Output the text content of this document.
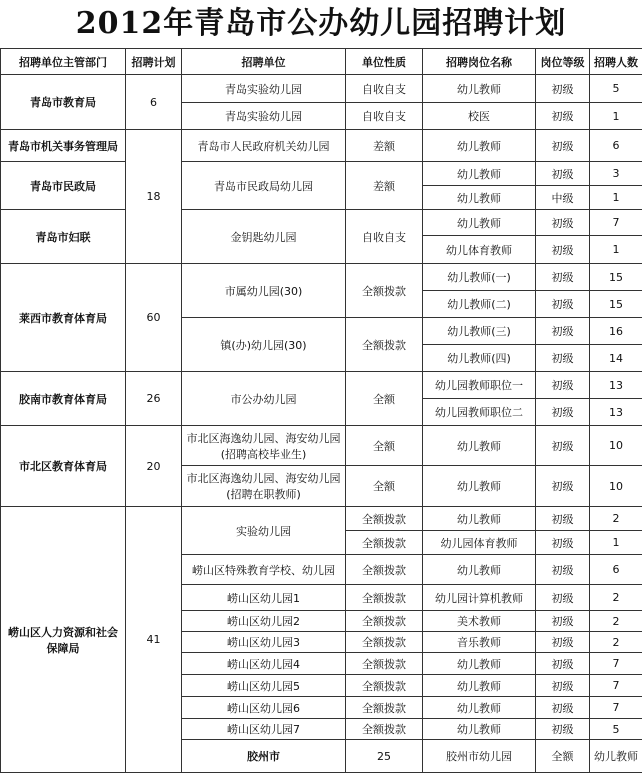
2012年青岛市公办幼儿园招聘计划
招聘单位主管部门	招聘计划	招聘单位	单位性质	招聘岗位名称	岗位等级	招聘人数	
青岛市教育局	6	青岛实验幼儿园	自收自支	幼儿教师	初级	5	
		青岛实验幼儿园	自收自支	校医	初级	1	
青岛市机关事务管理局	18	青岛市人民政府机关幼儿园	差额	幼儿教师	初级	6	
青岛市民政局		青岛市民政局幼儿园	差额	幼儿教师	初级	3	
				幼儿教师	中级	1	
青岛市妇联		金钥匙幼儿园	自收自支	幼儿教师	初级	7	
				幼儿体育教师	初级	1	
莱西市教育体育局	60	市属幼儿园(30)	全额拨款	幼儿教师(一)	初级	15	
				幼儿教师(二)	初级	15	
		镇(办)幼儿园(30)	全额拨款	幼儿教师(三)	初级	16	
				幼儿教师(四)	初级	14	
胶南市教育体育局	26	市公办幼儿园	全额	幼儿园教师职位一	初级	13	
				幼儿园教师职位二	初级	13	
市北区教育体育局	20	市北区海逸幼儿园、海安幼儿园(招聘高校毕业生)	全额	幼儿教师	初级	10	
		市北区海逸幼儿园、海安幼儿园(招聘在职教师)	全额	幼儿教师	初级	10	
崂山区人力资源和社会保障局	41	实验幼儿园	全额拨款	幼儿教师	初级	2	
			全额拨款	幼儿园体育教师	初级	1	
		崂山区特殊教育学校、幼儿园	全额拨款	幼儿教师	初级	6	
		崂山区幼儿园1	全额拨款	幼儿园计算机教师	初级	2	
		崂山区幼儿园2	全额拨款	美术教师	初级	2	
		崂山区幼儿园3	全额拨款	音乐教师	初级	2	
		崂山区幼儿园4	全额拨款	幼儿教师	初级	7	
		崂山区幼儿园5	全额拨款	幼儿教师	初级	7	
		崂山区幼儿园6	全额拨款	幼儿教师	初级	7	
		崂山区幼儿园7	全额拨款	幼儿教师	初级	5	
		胶州市	25	胶州市幼儿园	全额	幼儿教师		
